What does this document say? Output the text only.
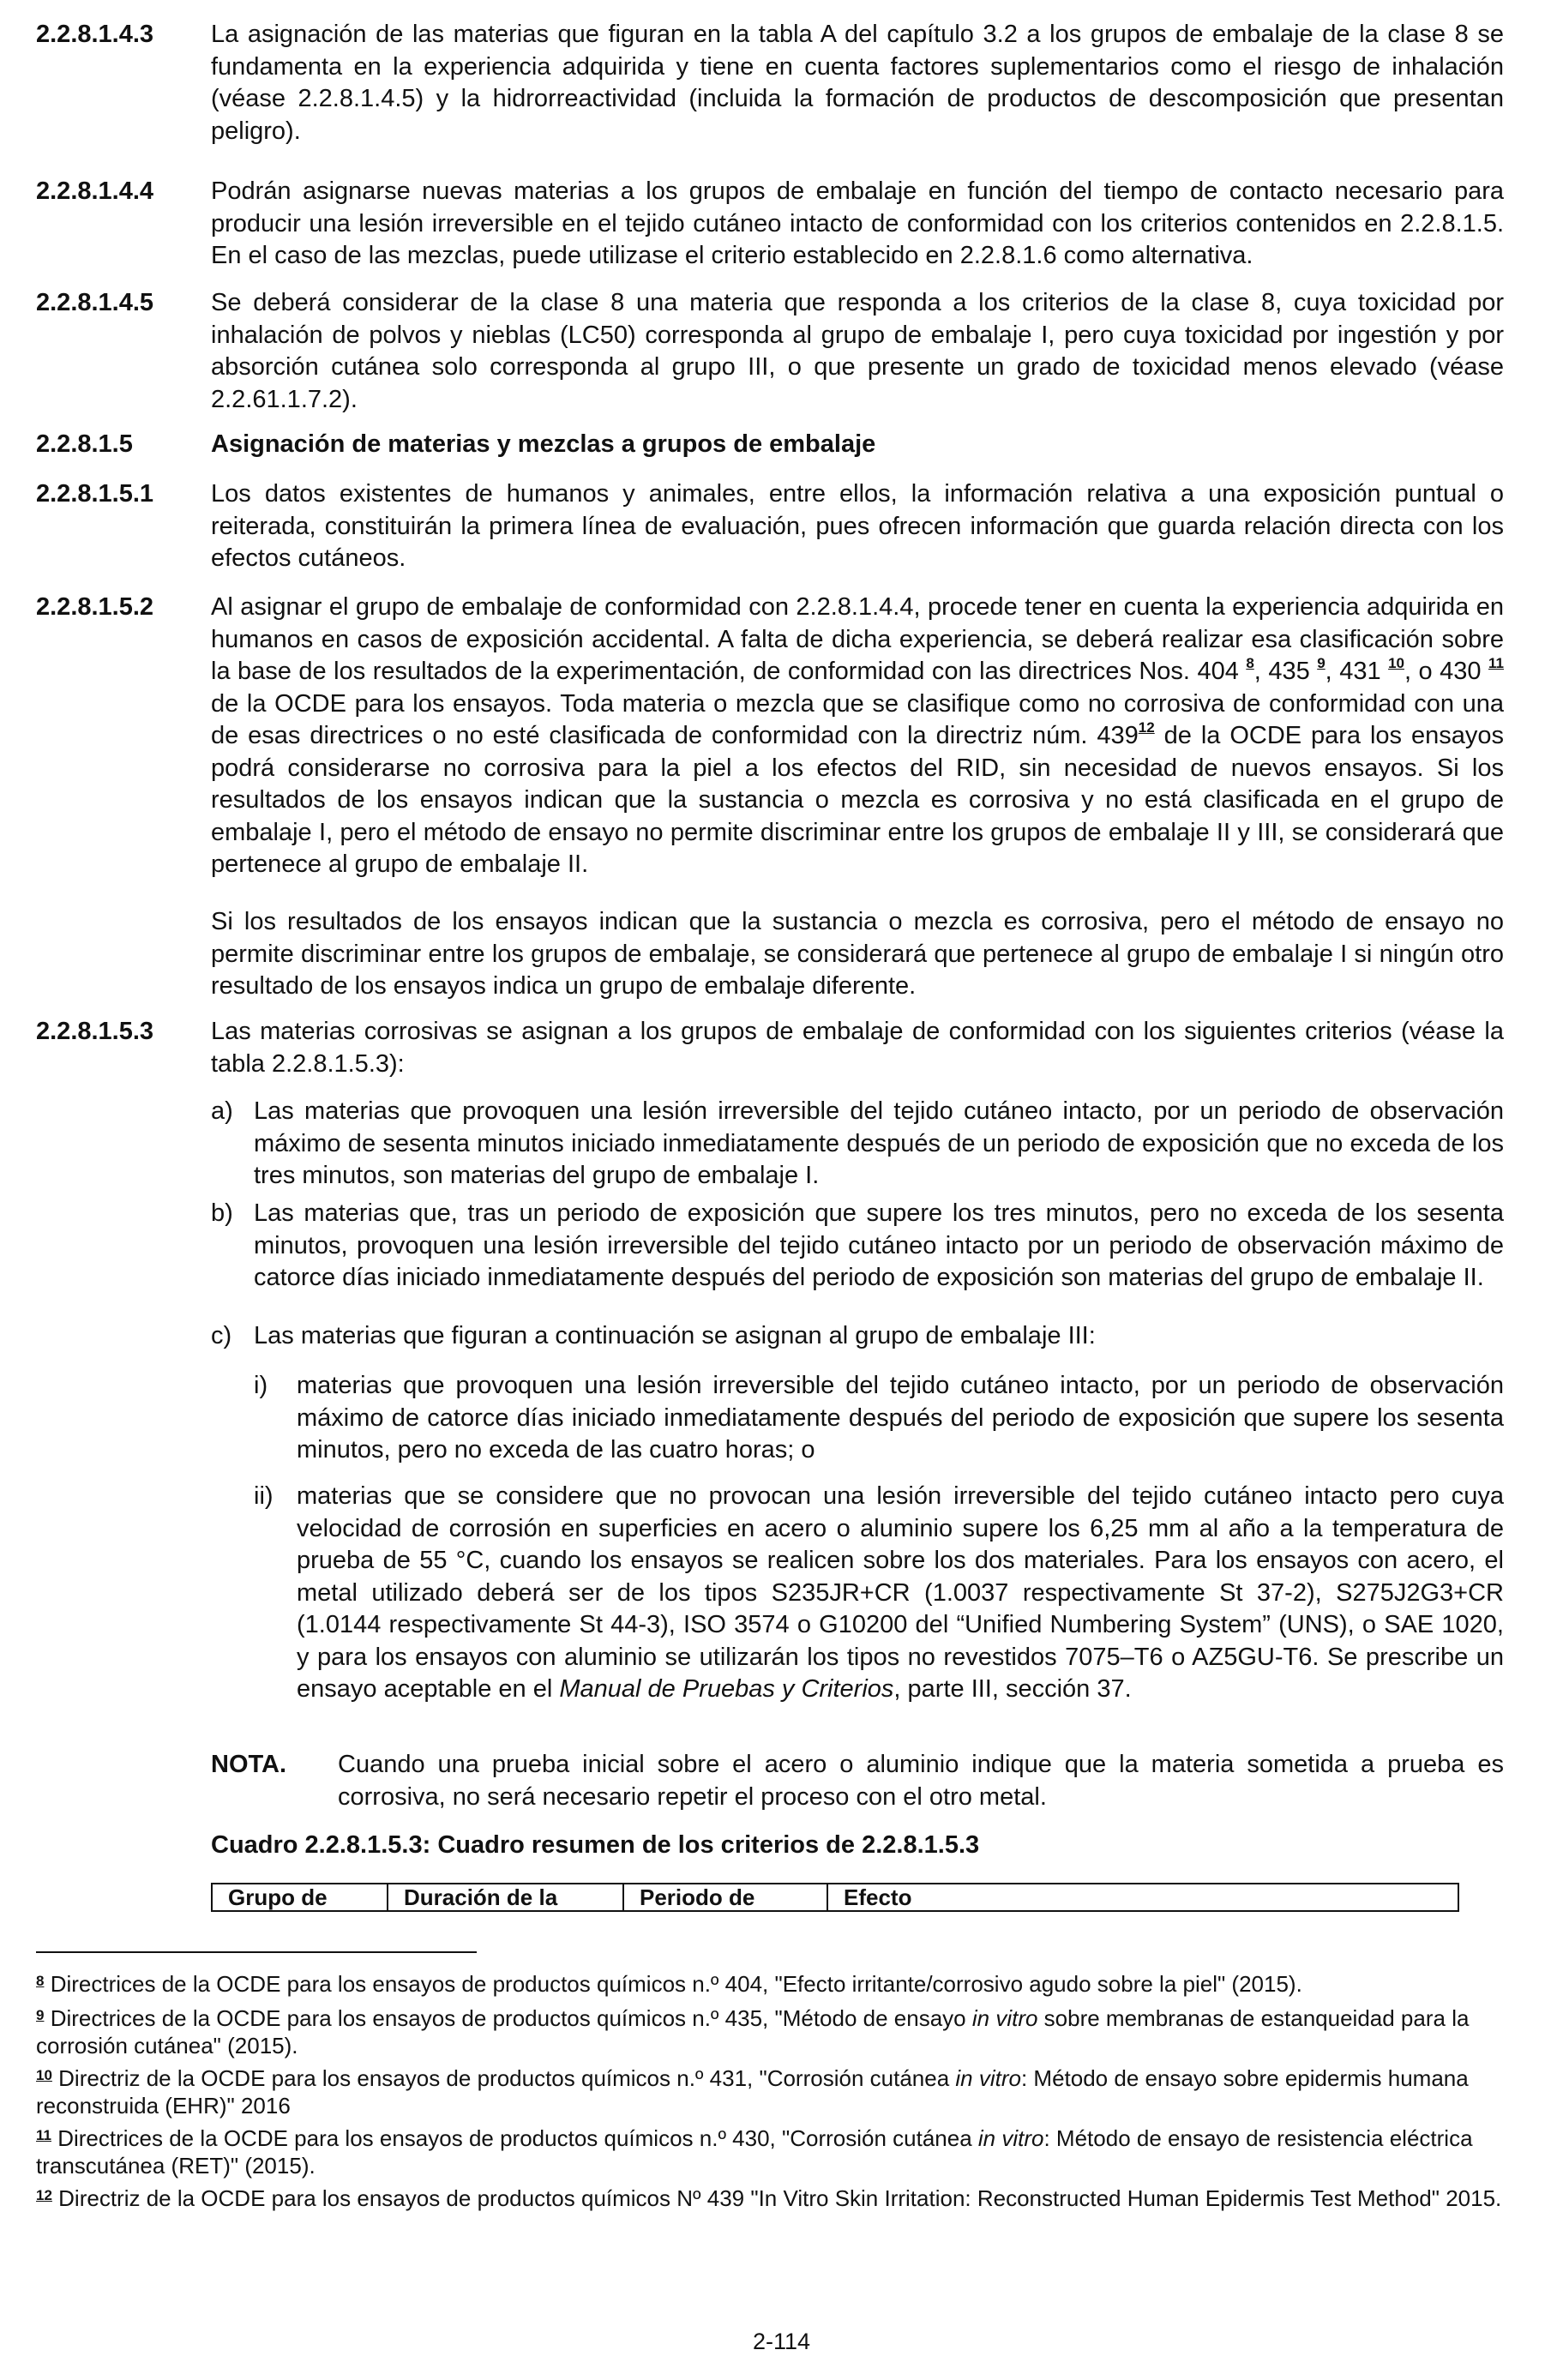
2.2.8.1.4.3 La asignación de las materias que figuran en la tabla A del capítulo 3.2 a los grupos de embalaje de la clase 8 se fundamenta en la experiencia adquirida y tiene en cuenta factores suplementarios como el riesgo de inhalación (véase 2.2.8.1.4.5) y la hidrorreactividad (incluida la formación de productos de descomposición que presentan peligro).
2.2.8.1.4.4 Podrán asignarse nuevas materias a los grupos de embalaje en función del tiempo de contacto necesario para producir una lesión irreversible en el tejido cutáneo intacto de conformidad con los criterios contenidos en 2.2.8.1.5. En el caso de las mezclas, puede utilizase el criterio establecido en 2.2.8.1.6 como alternativa.
2.2.8.1.4.5 Se deberá considerar de la clase 8 una materia que responda a los criterios de la clase 8, cuya toxicidad por inhalación de polvos y nieblas (LC50) corresponda al grupo de embalaje I, pero cuya toxicidad por ingestión y por absorción cutánea solo corresponda al grupo III, o que presente un grado de toxicidad menos elevado (véase 2.2.61.1.7.2).
2.2.8.1.5	Asignación de materias y mezclas a grupos de embalaje
2.2.8.1.5.1 Los datos existentes de humanos y animales, entre ellos, la información relativa a una exposición puntual o reiterada, constituirán la primera línea de evaluación, pues ofrecen información que guarda relación directa con los efectos cutáneos.
2.2.8.1.5.2 Al asignar el grupo de embalaje de conformidad con 2.2.8.1.4.4, procede tener en cuenta la experiencia adquirida en humanos en casos de exposición accidental. A falta de dicha experiencia, se deberá realizar esa clasificación sobre la base de los resultados de la experimentación, de conformidad con las directrices Nos. 404 $^8$, 435 $^9$, 431 $^{10}$, o 430 $^{11}$ de la OCDE para los ensayos. Toda materia o mezcla que se clasifique como no corrosiva de conformidad con una de esas directrices o no esté clasificada de conformidad con la directriz núm. 439$^{12}$ de la OCDE para los ensayos podrá considerarse no corrosiva para la piel a los efectos del RID, sin necesidad de nuevos ensayos. Si los resultados de los ensayos indican que la sustancia o mezcla es corrosiva y no está clasificada en el grupo de embalaje I, pero el método de ensayo no permite discriminar entre los grupos de embalaje II y III, se considerará que pertenece al grupo de embalaje II.
Si los resultados de los ensayos indican que la sustancia o mezcla es corrosiva, pero el método de ensayo no permite discriminar entre los grupos de embalaje, se considerará que pertenece al grupo de embalaje I si ningún otro resultado de los ensayos indica un grupo de embalaje diferente.
2.2.8.1.5.3 Las materias corrosivas se asignan a los grupos de embalaje de conformidad con los siguientes criterios (véase la tabla 2.2.8.1.5.3):
a) Las materias que provoquen una lesión irreversible del tejido cutáneo intacto, por un periodo de observación máximo de sesenta minutos iniciado inmediatamente después de un periodo de exposición que no exceda de los tres minutos, son materias del grupo de embalaje I.
b) Las materias que, tras un periodo de exposición que supere los tres minutos, pero no exceda de los sesenta minutos, provoquen una lesión irreversible del tejido cutáneo intacto por un periodo de observación máximo de catorce días iniciado inmediatamente después del periodo de exposición son materias del grupo de embalaje II.
c) Las materias que figuran a continuación se asignan al grupo de embalaje III:
i) materias que provoquen una lesión irreversible del tejido cutáneo intacto, por un periodo de observación máximo de catorce días iniciado inmediatamente después del periodo de exposición que supere los sesenta minutos, pero no exceda de las cuatro horas; o
ii) materias que se considere que no provocan una lesión irreversible del tejido cutáneo intacto pero cuya velocidad de corrosión en superficies en acero o aluminio supere los 6,25 mm al año a la temperatura de prueba de 55 °C, cuando los ensayos se realicen sobre los dos materiales. Para los ensayos con acero, el metal utilizado deberá ser de los tipos S235JR+CR (1.0037 respectivamente St 37-2), S275J2G3+CR (1.0144 respectivamente St 44-3), ISO 3574 o G10200 del “Unified Numbering System” (UNS), o SAE 1020, y para los ensayos con aluminio se utilizarán los tipos no revestidos 7075–T6 o AZ5GU-T6. Se prescribe un ensayo aceptable en el Manual de Pruebas y Criterios, parte III, sección 37.
NOTA. Cuando una prueba inicial sobre el acero o aluminio indique que la materia sometida a prueba es corrosiva, no será necesario repetir el proceso con el otro metal.
Cuadro 2.2.8.1.5.3: Cuadro resumen de los criterios de 2.2.8.1.5.3
Grupo de	Duración de la	Periodo de	Efecto
$^8$ Directrices de la OCDE para los ensayos de productos químicos n.º 404, "Efecto irritante/corrosivo agudo sobre la piel" (2015).
$^9$ Directrices de la OCDE para los ensayos de productos químicos n.º 435, "Método de ensayo in vitro sobre membranas de estanqueidad para la corrosión cutánea" (2015).
$^{10}$ Directriz de la OCDE para los ensayos de productos químicos n.º 431, "Corrosión cutánea in vitro: Método de ensayo sobre epidermis humana reconstruida (EHR)" 2016
$^{11}$ Directrices de la OCDE para los ensayos de productos químicos n.º 430, "Corrosión cutánea in vitro: Método de ensayo de resistencia eléctrica transcutánea (RET)" (2015).
$^{12}$ Directriz de la OCDE para los ensayos de productos químicos Nº 439 "In Vitro Skin Irritation: Reconstructed Human Epidermis Test Method" 2015.
2-114
